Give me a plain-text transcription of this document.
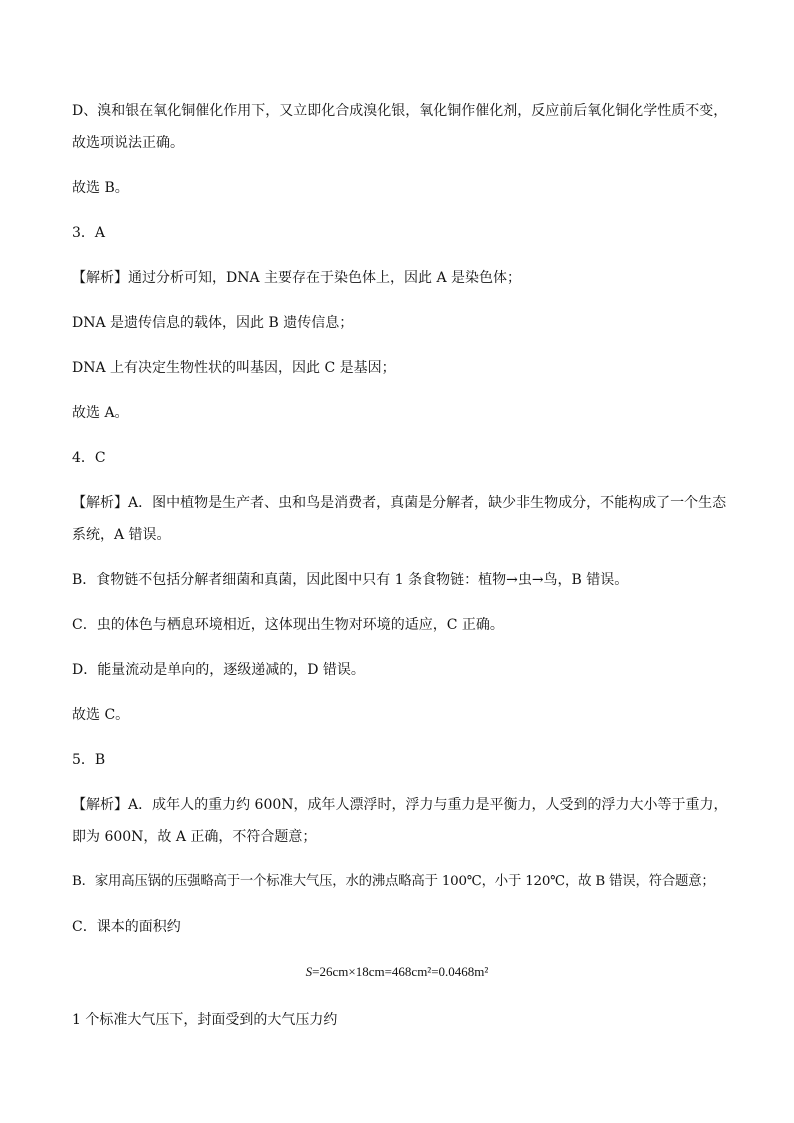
D、溴和银在氧化铜催化作用下，又立即化合成溴化银，氧化铜作催化剂，反应前后氧化铜化学性质不变，
故选项说法正确。
故选 B。
3．A
【解析】通过分析可知，DNA 主要存在于染色体上，因此 A 是染色体；
DNA 是遗传信息的载体，因此 B 遗传信息；
DNA 上有决定生物性状的叫基因，因此 C 是基因；
故选 A。
4．C
【解析】A．图中植物是生产者、虫和鸟是消费者，真菌是分解者，缺少非生物成分，不能构成了一个生态
系统，A 错误。
B．食物链不包括分解者细菌和真菌，因此图中只有 1 条食物链：植物→虫→鸟，B 错误。
C．虫的体色与栖息环境相近，这体现出生物对环境的适应，C 正确。
D．能量流动是单向的，逐级递减的，D 错误。
故选 C。
5．B
【解析】A．成年人的重力约 600N，成年人漂浮时，浮力与重力是平衡力，人受到的浮力大小等于重力，
即为 600N，故 A 正确，不符合题意；
B．家用高压锅的压强略高于一个标准大气压，水的沸点略高于 100℃，小于 120℃，故 B 错误，符合题意；
C．课本的面积约
S=26cm×18cm=468cm²=0.0468m²
1 个标准大气压下，封面受到的大气压力约
